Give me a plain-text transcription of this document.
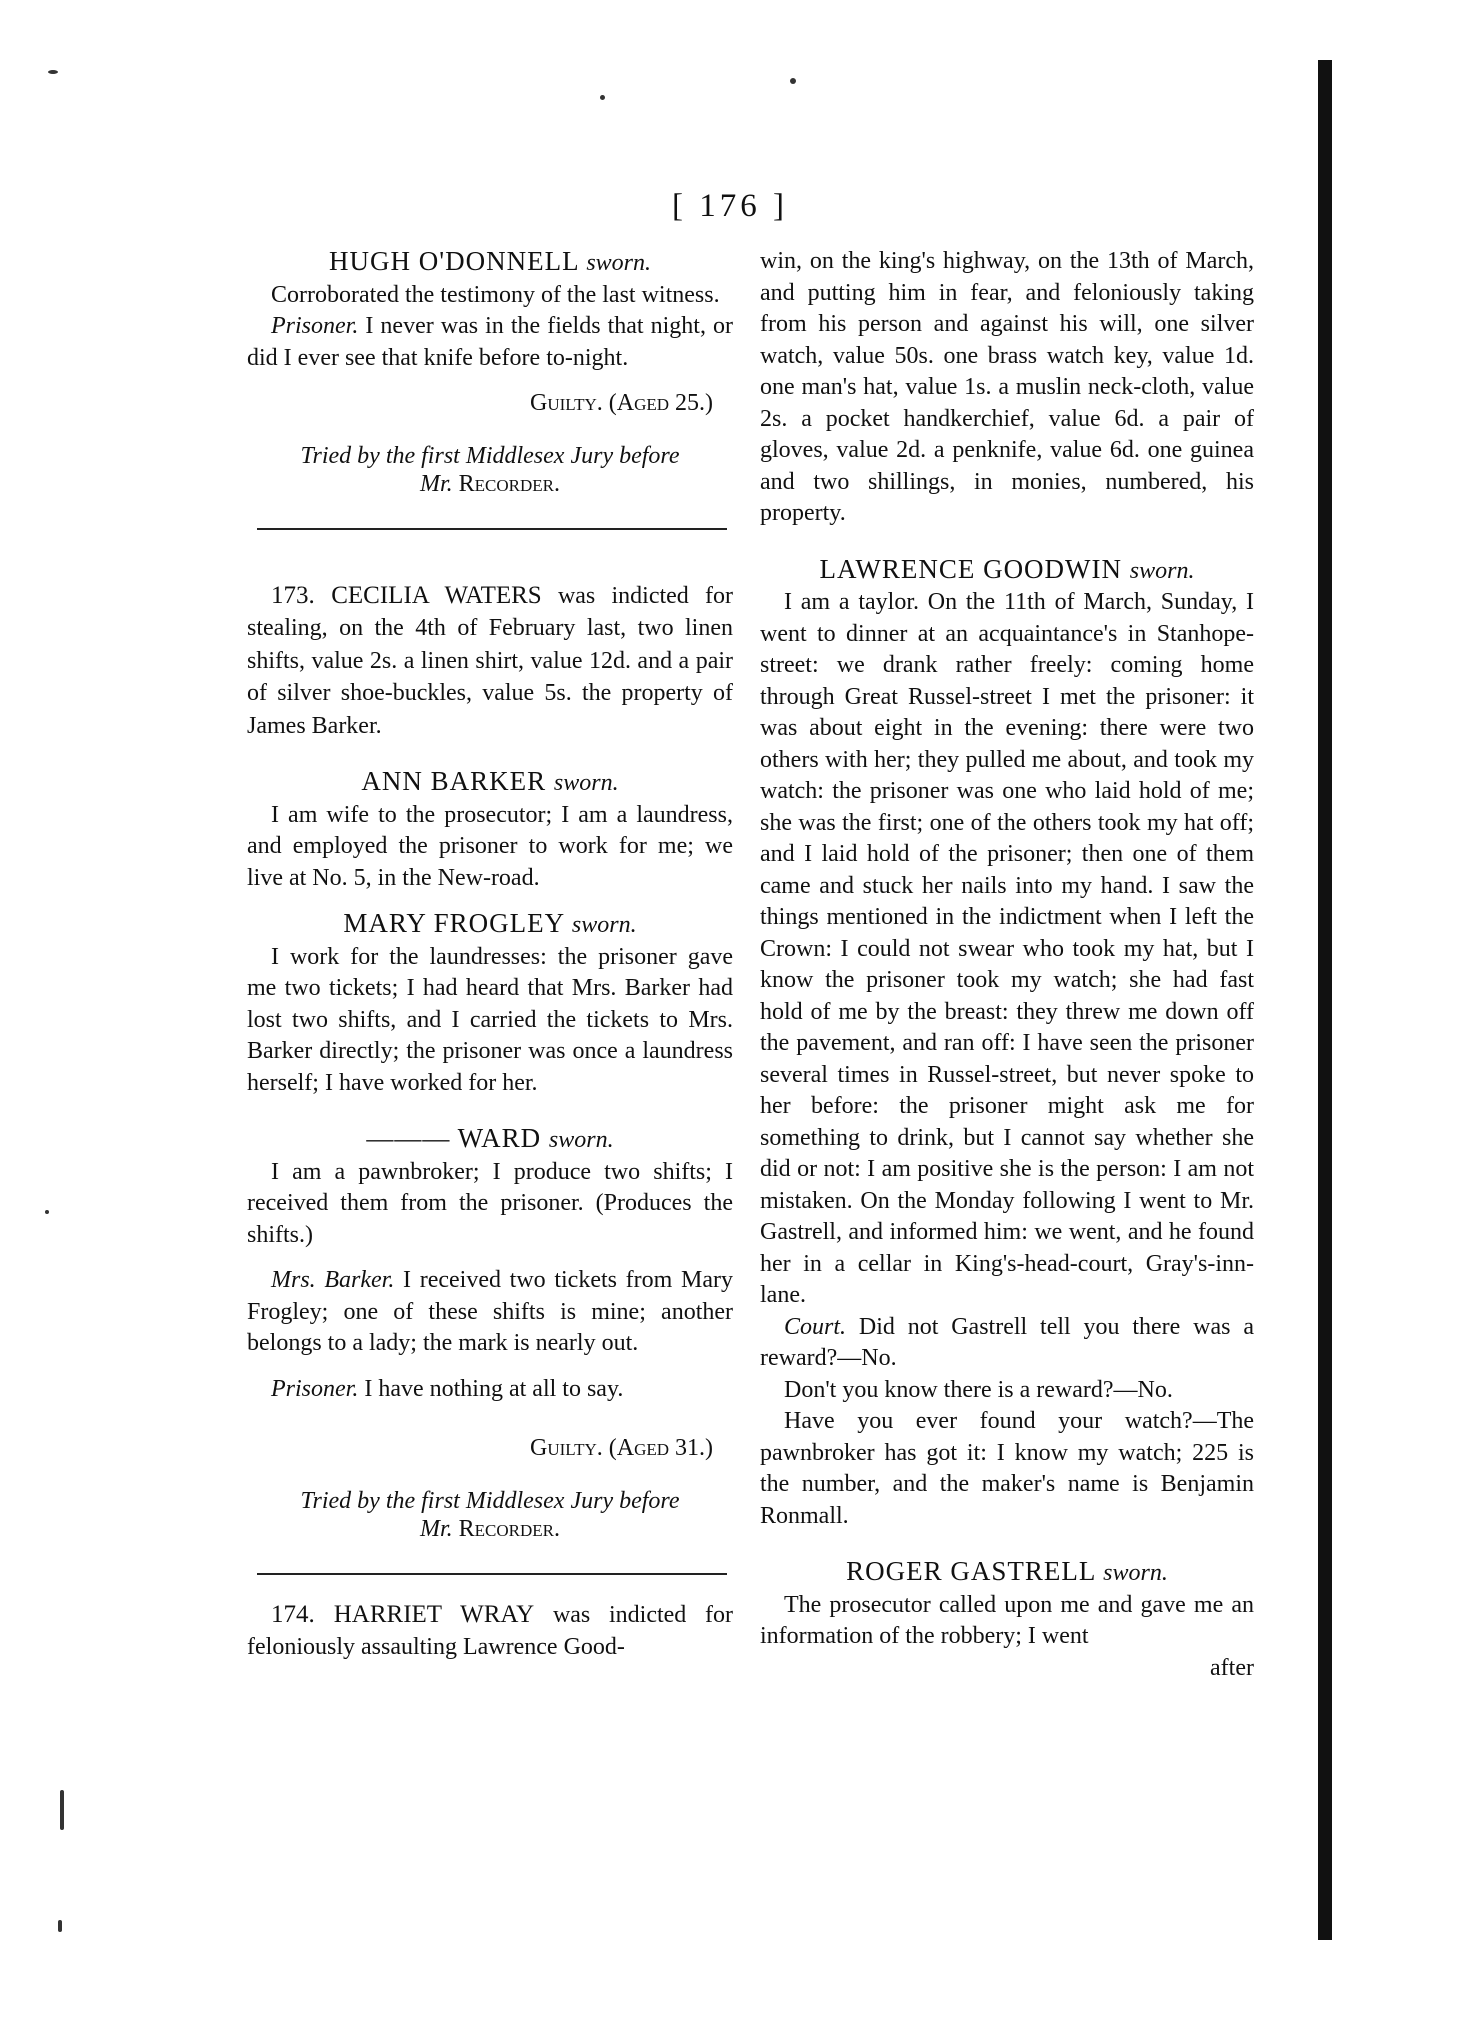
[ 176 ]
HUGH O'DONNELL sworn.

Corroborated the testimony of the last witness.

Prisoner. I never was in the fields that night, or did I ever see that knife before to-night.

Guilty. (Aged 25.)
Tried by the first Middlesex Jury before
Mr. Recorder.

173. CECILIA WATERS was indicted for stealing, on the 4th of February last, two linen shifts, value 2s. a linen shirt, value 12d. and a pair of silver shoe-buckles, value 5s. the property of James Barker.

ANN BARKER sworn.

I am wife to the prosecutor; I am a laundress, and employed the prisoner to work for me; we live at No. 5, in the New-road.

MARY FROGLEY sworn.

I work for the laundresses: the prisoner gave me two tickets; I had heard that Mrs. Barker had lost two shifts, and I carried the tickets to Mrs. Barker directly; the prisoner was once a laundress herself; I have worked for her.

——— WARD sworn.

I am a pawnbroker; I produce two shifts; I received them from the prisoner. (Produces the shifts.)

Mrs. Barker. I received two tickets from Mary Frogley; one of these shifts is mine; another belongs to a lady; the mark is nearly out.

Prisoner. I have nothing at all to say.

Guilty. (Aged 31.)
Tried by the first Middlesex Jury before
Mr. Recorder.

174. HARRIET WRAY was indicted for feloniously assaulting Lawrence Good-

win, on the king's highway, on the 13th of March, and putting him in fear, and feloniously taking from his person and against his will, one silver watch, value 50s. one brass watch key, value 1d. one man's hat, value 1s. a muslin neck-cloth, value 2s. a pocket handkerchief, value 6d. a pair of gloves, value 2d. a penknife, value 6d. one guinea and two shillings, in monies, numbered, his property.

LAWRENCE GOODWIN sworn.

I am a taylor. On the 11th of March, Sunday, I went to dinner at an acquaintance's in Stanhope-street: we drank rather freely: coming home through Great Russel-street I met the prisoner: it was about eight in the evening: there were two others with her; they pulled me about, and took my watch: the prisoner was one who laid hold of me; she was the first; one of the others took my hat off; and I laid hold of the prisoner; then one of them came and stuck her nails into my hand. I saw the things mentioned in the indictment when I left the Crown: I could not swear who took my hat, but I know the prisoner took my watch; she had fast hold of me by the breast: they threw me down off the pavement, and ran off: I have seen the prisoner several times in Russel-street, but never spoke to her before: the prisoner might ask me for something to drink, but I cannot say whether she did or not: I am positive she is the person: I am not mistaken. On the Monday following I went to Mr. Gastrell, and informed him: we went, and he found her in a cellar in King's-head-court, Gray's-inn-lane.

Court. Did not Gastrell tell you there was a reward?—No.

Don't you know there is a reward?—No.

Have you ever found your watch?—The pawnbroker has got it: I know my watch; 225 is the number, and the maker's name is Benjamin Ronmall.

ROGER GASTRELL sworn.

The prosecutor called upon me and gave me an information of the robbery; I went

after
